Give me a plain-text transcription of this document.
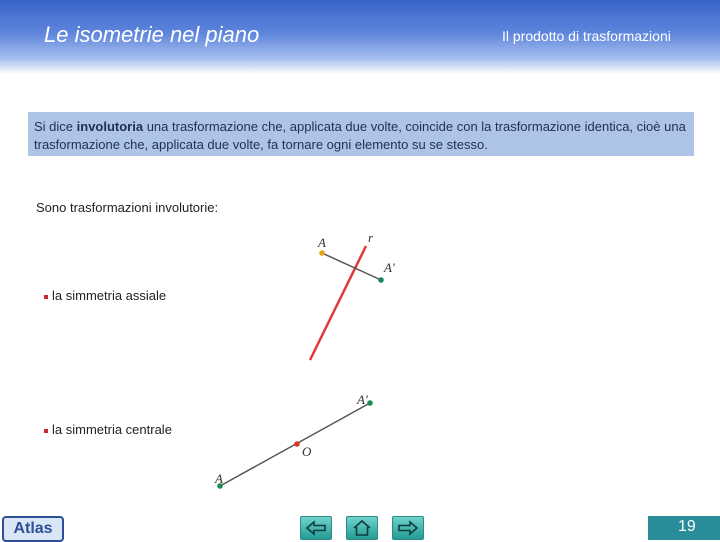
Le isometrie nel piano	Il prodotto di trasformazioni
Si dice involutoria una trasformazione che, applicata due volte, coincide con la trasformazione identica, cioè una trasformazione che, applicata due volte, fa tornare ogni elemento su se stesso.
Sono trasformazioni involutorie:
la simmetria assiale
la simmetria centrale
A	r
A'
A
A'
O
Atlas	19
